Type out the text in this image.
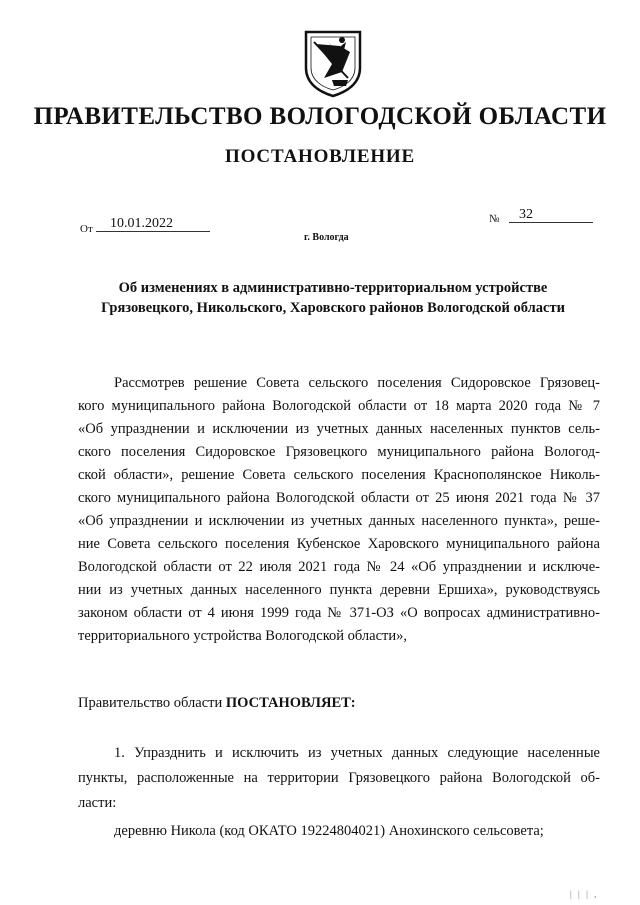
ПРАВИТЕЛЬСТВО ВОЛОГОДСКОЙ ОБЛАСТИ
ПОСТАНОВЛЕНИЕ
От	10.01.2022	№	32
г. Вологда
Об изменениях в административно-территориальном устройстве
Грязовецкого, Никольского, Харовского районов Вологодской области
Рассмотрев решение Совета сельского поселения Сидоровское Грязовец-
кого муниципального района Вологодской области от 18 марта 2020 года № 7
«Об упразднении и исключении из учетных данных населенных пунктов сель-
ского поселения Сидоровское Грязовецкого муниципального района Вологод-
ской области», решение Совета сельского поселения Краснополянское Николь-
ского муниципального района Вологодской области от 25 июня 2021 года № 37
«Об упразднении и исключении из учетных данных населенного пункта», реше-
ние Совета сельского поселения Кубенское Харовского муниципального района
Вологодской области от 22 июля 2021 года № 24 «Об упразднении и исключе-
нии из учетных данных населенного пункта деревни Ершиха», руководствуясь
законом области от 4 июня 1999 года № 371-ОЗ «О вопросах административно-
территориального устройства Вологодской области»,
Правительство области ПОСТАНОВЛЯЕТ:
1. Упразднить и исключить из учетных данных следующие населенные
пункты, расположенные на территории Грязовецкого района Вологодской об-
ласти:
деревню Никола (код ОКАТО 19224804021) Анохинского сельсовета;
| | | ,
